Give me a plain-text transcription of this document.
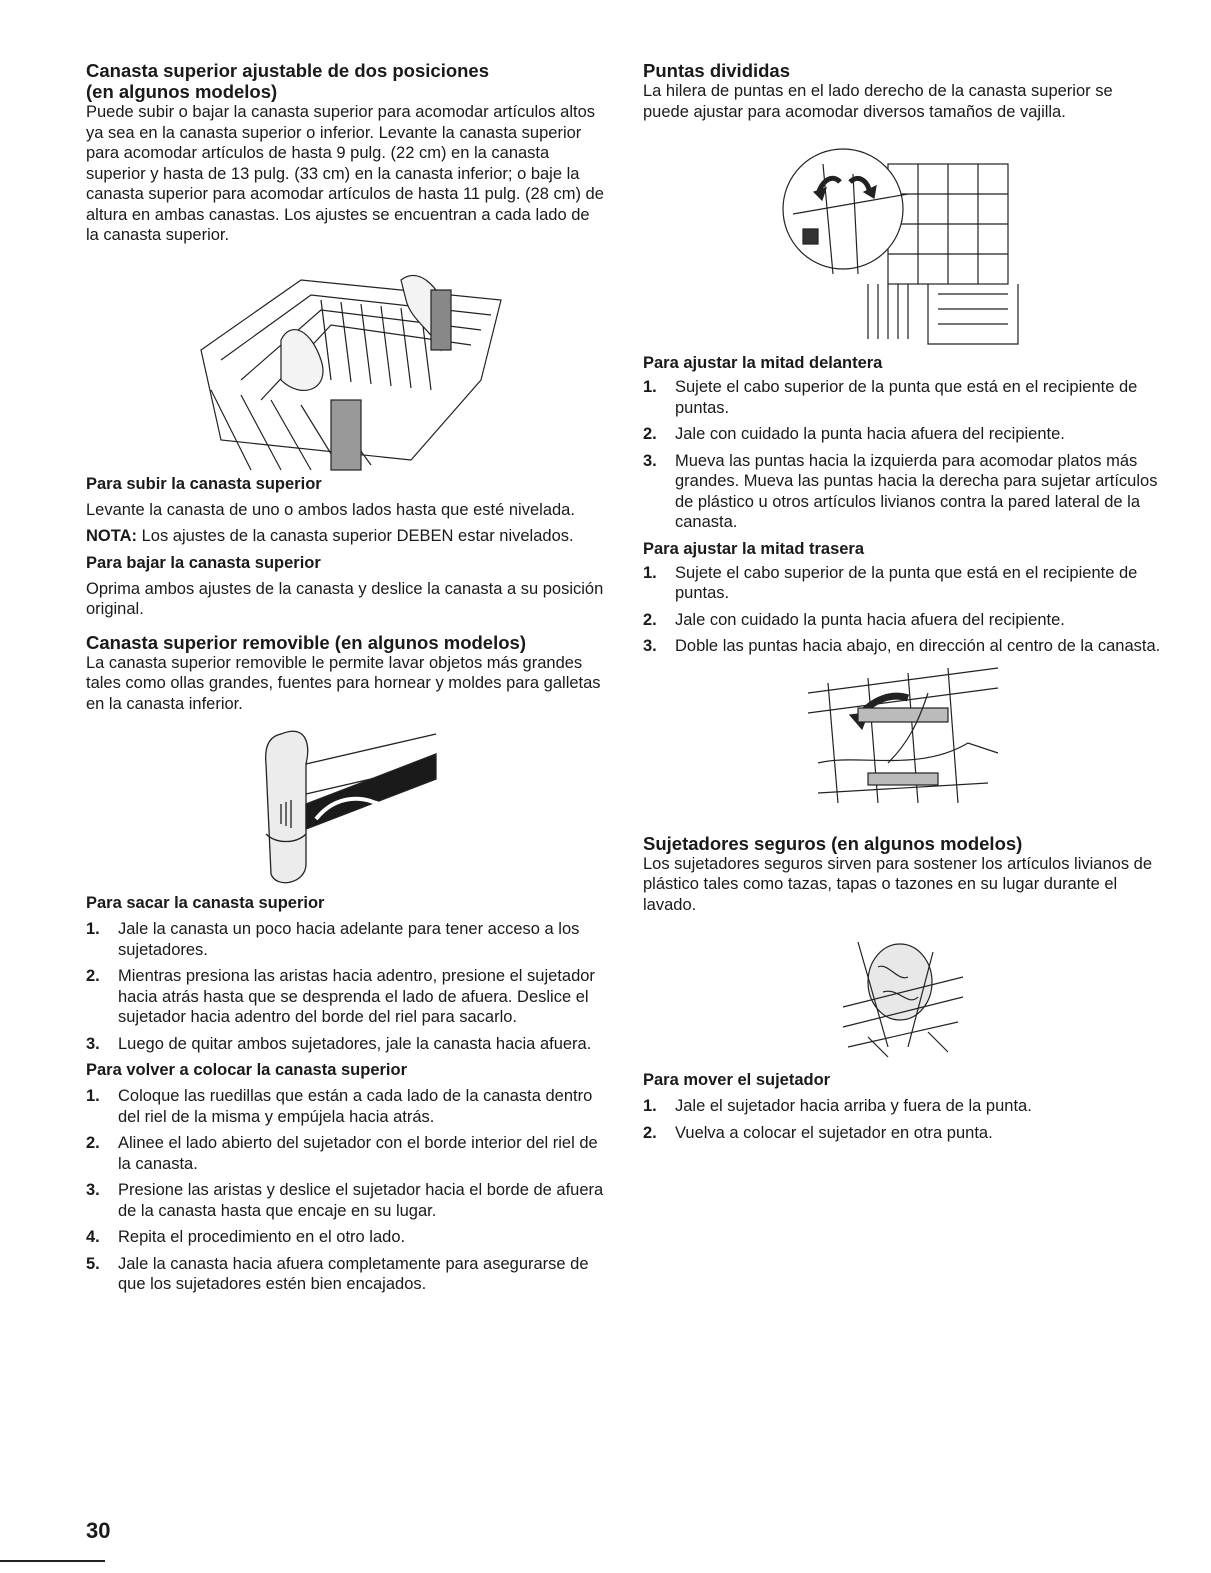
Canasta superior ajustable de dos posiciones

(en algunos modelos)

Puede subir o bajar la canasta superior para acomodar artículos altos ya sea en la canasta superior o inferior. Levante la canasta superior para acomodar artículos de hasta 9 pulg. (22 cm) en la canasta superior y hasta de 13 pulg. (33 cm) en la canasta inferior; o baje la canasta superior para acomodar artículos de hasta 11 pulg. (28 cm) de altura en ambas canastas. Los ajustes se encuentran a cada lado de la canasta superior.

Para subir la canasta superior

Levante la canasta de uno o ambos lados hasta que esté nivelada.

NOTA: Los ajustes de la canasta superior DEBEN estar nivelados.

Para bajar la canasta superior

Oprima ambos ajustes de la canasta y deslice la canasta a su posición original.

Canasta superior removible (en algunos modelos)

La canasta superior removible le permite lavar objetos más grandes tales como ollas grandes, fuentes para hornear y moldes para galletas en la canasta inferior.

Para sacar la canasta superior

1. Jale la canasta un poco hacia adelante para tener acceso a los sujetadores.
2. Mientras presiona las aristas hacia adentro, presione el sujetador hacia atrás hasta que se desprenda el lado de afuera. Deslice el sujetador hacia adentro del borde del riel para sacarlo.
3. Luego de quitar ambos sujetadores, jale la canasta hacia afuera.

Para volver a colocar la canasta superior

1. Coloque las ruedillas que están a cada lado de la canasta dentro del riel de la misma y empújela hacia atrás.
2. Alinee el lado abierto del sujetador con el borde interior del riel de la canasta.
3. Presione las aristas y deslice el sujetador hacia el borde de afuera de la canasta hasta que encaje en su lugar.
4. Repita el procedimiento en el otro lado.
5. Jale la canasta hacia afuera completamente para asegurarse de que los sujetadores estén bien encajados.

Puntas divididas

La hilera de puntas en el lado derecho de la canasta superior se puede ajustar para acomodar diversos tamaños de vajilla.

Para ajustar la mitad delantera

1. Sujete el cabo superior de la punta que está en el recipiente de puntas.
2. Jale con cuidado la punta hacia afuera del recipiente.
3. Mueva las puntas hacia la izquierda para acomodar platos más grandes. Mueva las puntas hacia la derecha para sujetar artículos de plástico u otros artículos livianos contra la pared lateral de la canasta.

Para ajustar la mitad trasera

1. Sujete el cabo superior de la punta que está en el recipiente de puntas.
2. Jale con cuidado la punta hacia afuera del recipiente.
3. Doble las puntas hacia abajo, en dirección al centro de la canasta.

Sujetadores seguros (en algunos modelos)

Los sujetadores seguros sirven para sostener los artículos livianos de plástico tales como tazas, tapas o tazones en su lugar durante el lavado.

Para mover el sujetador

1. Jale el sujetador hacia arriba y fuera de la punta.
2. Vuelva a colocar el sujetador en otra punta.
30
